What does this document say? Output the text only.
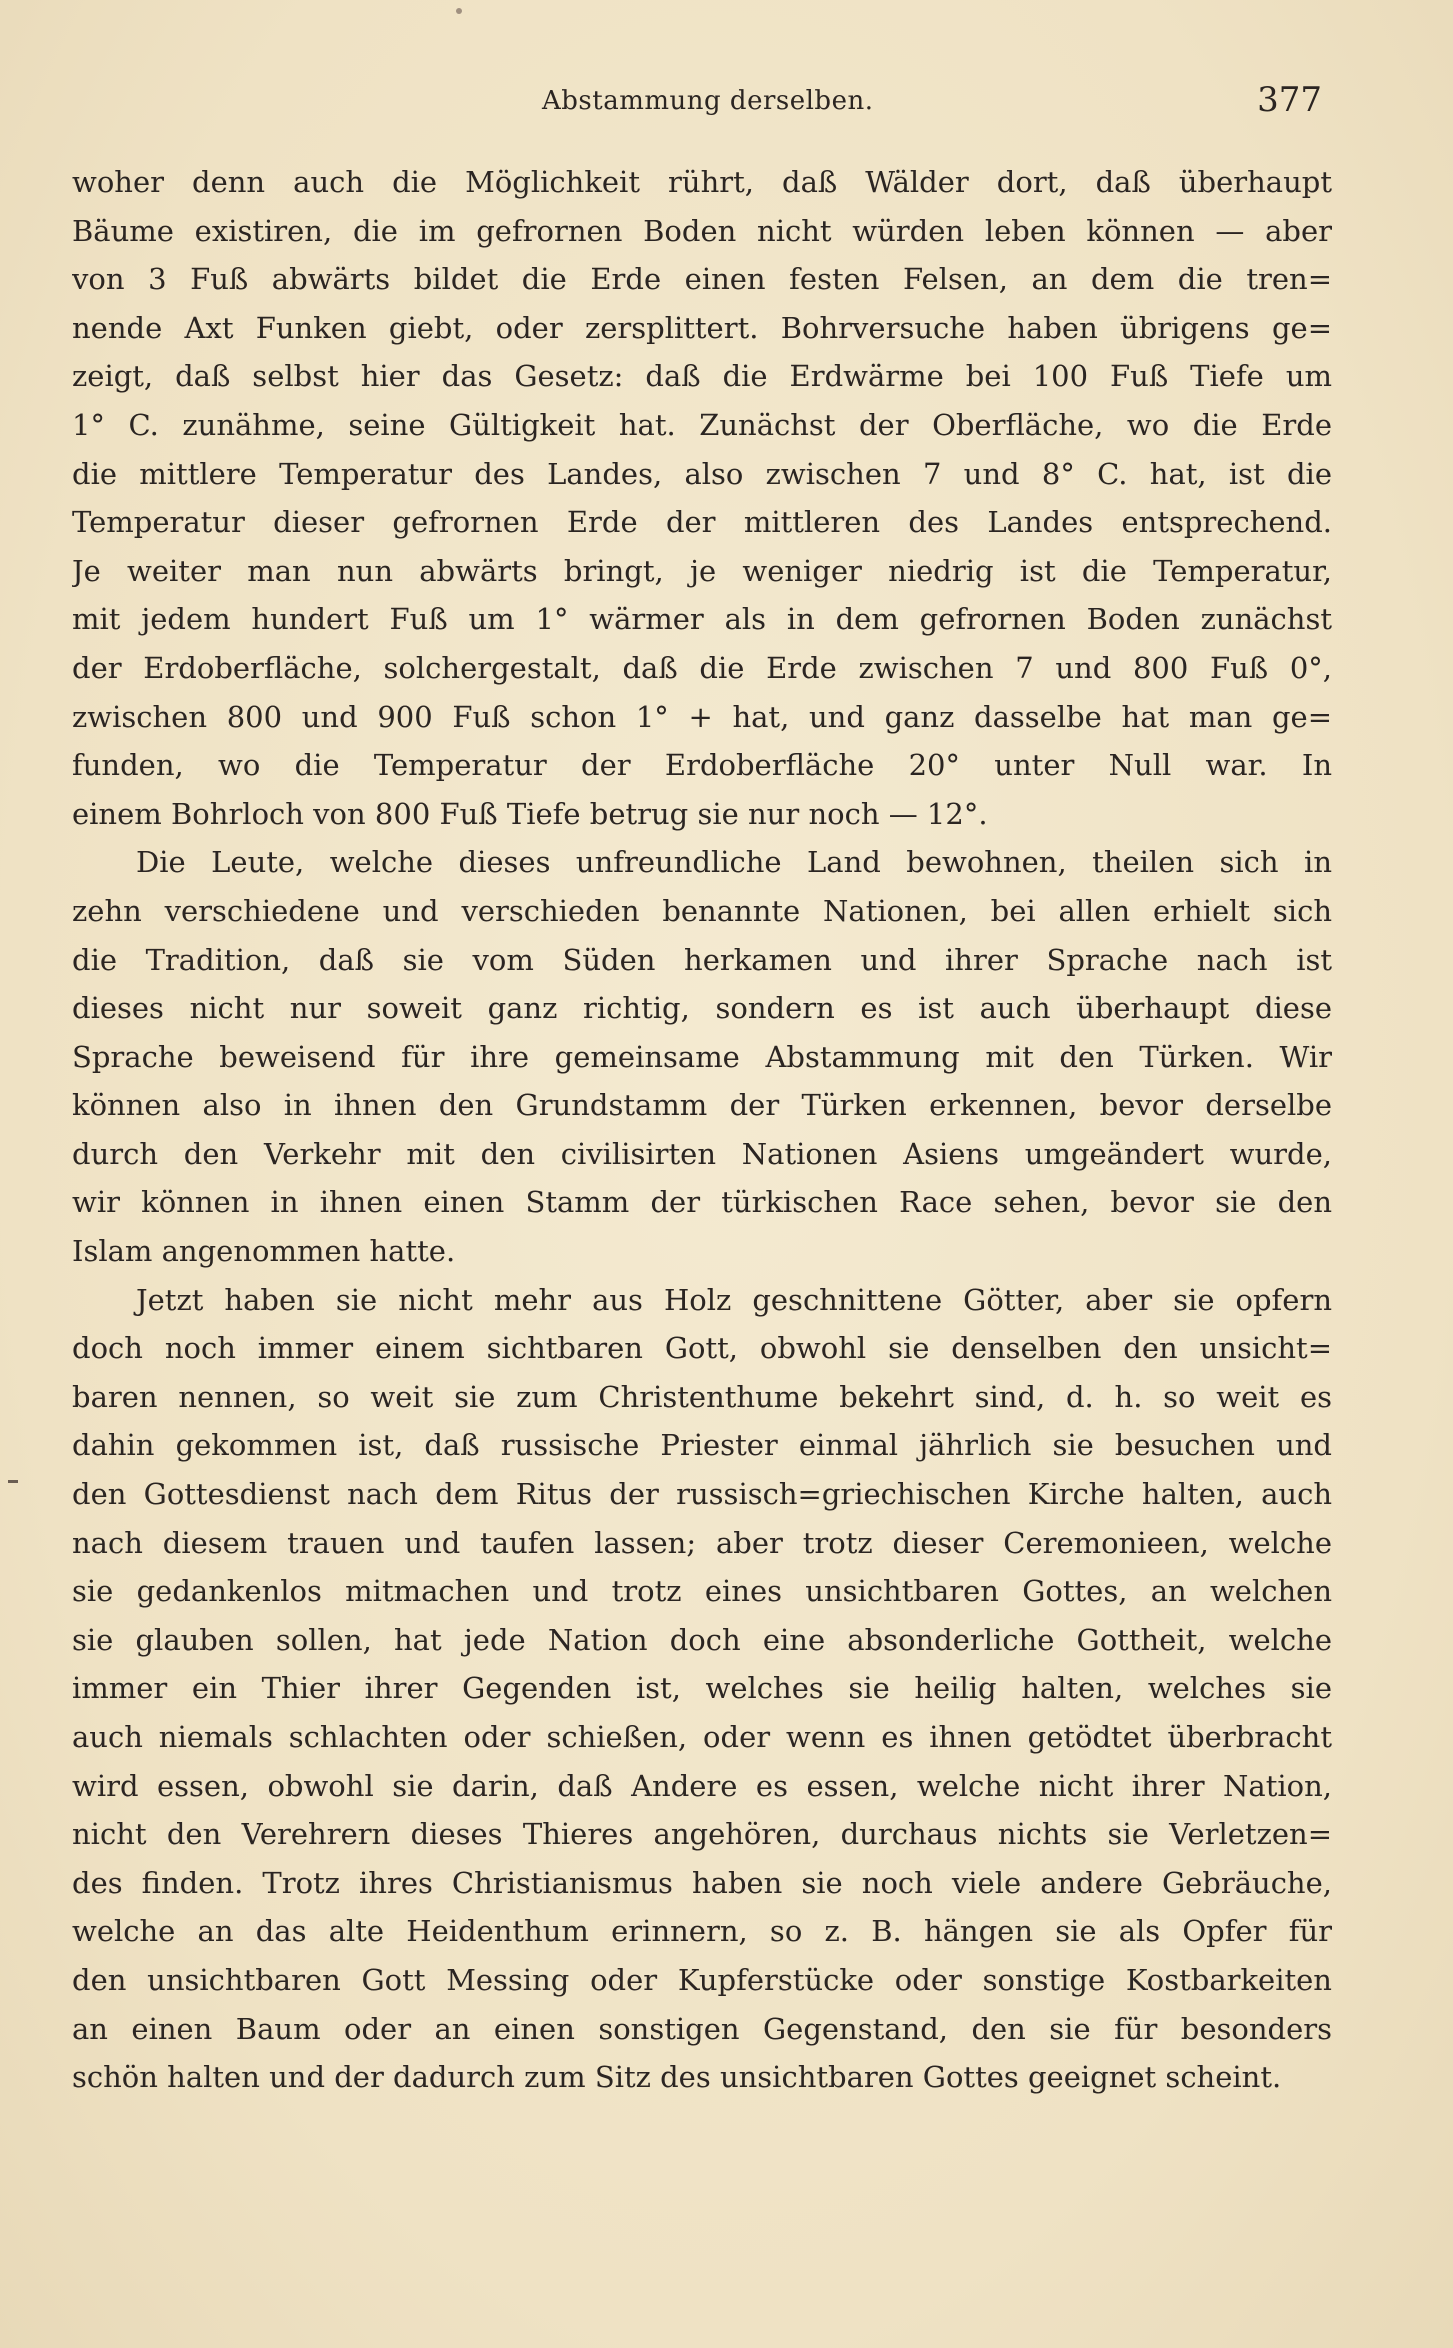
Abstammung derselben.	377
woher denn auch die Möglichkeit rührt, daß Wälder dort, daß überhaupt
Bäume existiren, die im gefrornen Boden nicht würden leben können — aber
von 3 Fuß abwärts bildet die Erde einen festen Felsen, an dem die tren=
nende Axt Funken giebt, oder zersplittert. Bohrversuche haben übrigens ge=
zeigt, daß selbst hier das Gesetz: daß die Erdwärme bei 100 Fuß Tiefe um
1° C. zunähme, seine Gültigkeit hat. Zunächst der Oberfläche, wo die Erde
die mittlere Temperatur des Landes, also zwischen 7 und 8° C. hat, ist die
Temperatur dieser gefrornen Erde der mittleren des Landes entsprechend.
Je weiter man nun abwärts bringt, je weniger niedrig ist die Temperatur,
mit jedem hundert Fuß um 1° wärmer als in dem gefrornen Boden zunächst
der Erdoberfläche, solchergestalt, daß die Erde zwischen 7 und 800 Fuß 0°,
zwischen 800 und 900 Fuß schon 1° + hat, und ganz dasselbe hat man ge=
funden, wo die Temperatur der Erdoberfläche 20° unter Null war. In
einem Bohrloch von 800 Fuß Tiefe betrug sie nur noch — 12°.
Die Leute, welche dieses unfreundliche Land bewohnen, theilen sich in
zehn verschiedene und verschieden benannte Nationen, bei allen erhielt sich
die Tradition, daß sie vom Süden herkamen und ihrer Sprache nach ist
dieses nicht nur soweit ganz richtig, sondern es ist auch überhaupt diese
Sprache beweisend für ihre gemeinsame Abstammung mit den Türken. Wir
können also in ihnen den Grundstamm der Türken erkennen, bevor derselbe
durch den Verkehr mit den civilisirten Nationen Asiens umgeändert wurde,
wir können in ihnen einen Stamm der türkischen Race sehen, bevor sie den
Islam angenommen hatte.
Jetzt haben sie nicht mehr aus Holz geschnittene Götter, aber sie opfern
doch noch immer einem sichtbaren Gott, obwohl sie denselben den unsicht=
baren nennen, so weit sie zum Christenthume bekehrt sind, d. h. so weit es
dahin gekommen ist, daß russische Priester einmal jährlich sie besuchen und
den Gottesdienst nach dem Ritus der russisch=griechischen Kirche halten, auch
nach diesem trauen und taufen lassen; aber trotz dieser Ceremonieen, welche
sie gedankenlos mitmachen und trotz eines unsichtbaren Gottes, an welchen
sie glauben sollen, hat jede Nation doch eine absonderliche Gottheit, welche
immer ein Thier ihrer Gegenden ist, welches sie heilig halten, welches sie
auch niemals schlachten oder schießen, oder wenn es ihnen getödtet überbracht
wird essen, obwohl sie darin, daß Andere es essen, welche nicht ihrer Nation,
nicht den Verehrern dieses Thieres angehören, durchaus nichts sie Verletzen=
des finden. Trotz ihres Christianismus haben sie noch viele andere Gebräuche,
welche an das alte Heidenthum erinnern, so z. B. hängen sie als Opfer für
den unsichtbaren Gott Messing oder Kupferstücke oder sonstige Kostbarkeiten
an einen Baum oder an einen sonstigen Gegenstand, den sie für besonders
schön halten und der dadurch zum Sitz des unsichtbaren Gottes geeignet scheint.
